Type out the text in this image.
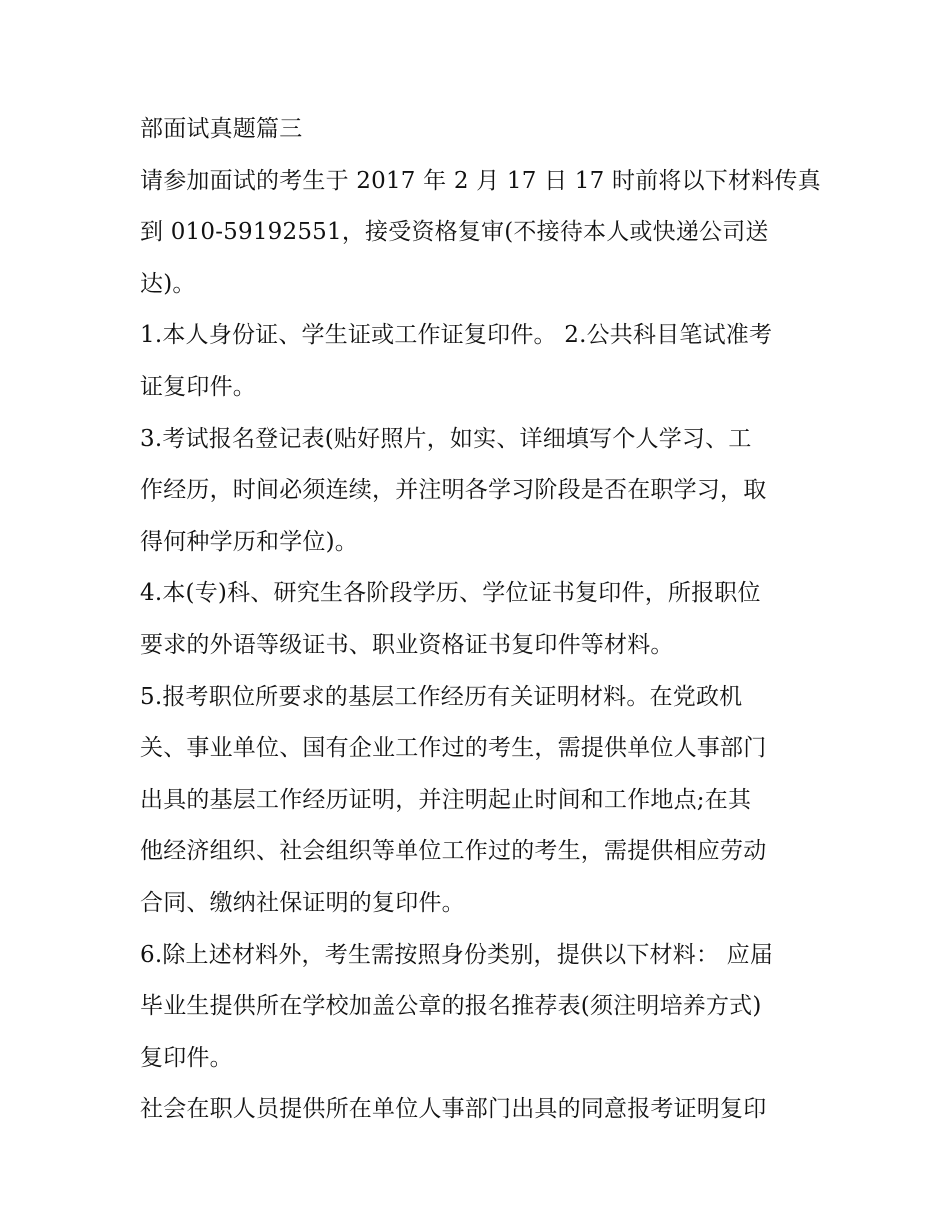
部面试真题篇三
请参加面试的考生于 2017 年 2 月 17 日 17 时前将以下材料传真
到 010-59192551，接受资格复审(不接待本人或快递公司送
达)。
1.本人身份证、学生证或工作证复印件。 2.公共科目笔试准考
证复印件。
3.考试报名登记表(贴好照片，如实、详细填写个人学习、工
作经历，时间必须连续，并注明各学习阶段是否在职学习，取
得何种学历和学位)。
4.本(专)科、研究生各阶段学历、学位证书复印件，所报职位
要求的外语等级证书、职业资格证书复印件等材料。
5.报考职位所要求的基层工作经历有关证明材料。在党政机
关、事业单位、国有企业工作过的考生，需提供单位人事部门
出具的基层工作经历证明，并注明起止时间和工作地点;在其
他经济组织、社会组织等单位工作过的考生，需提供相应劳动
合同、缴纳社保证明的复印件。
6.除上述材料外，考生需按照身份类别，提供以下材料： 应届
毕业生提供所在学校加盖公章的报名推荐表(须注明培养方式)
复印件。
社会在职人员提供所在单位人事部门出具的同意报考证明复印
